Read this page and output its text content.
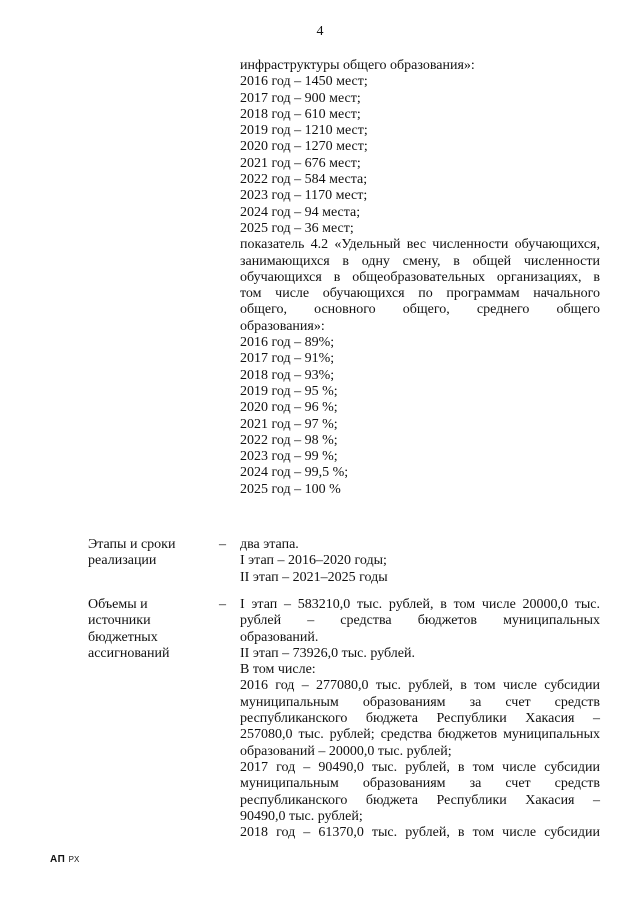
4
инфраструктуры общего образования»:
2016 год – 1450 мест;
2017 год – 900 мест;
2018 год – 610 мест;
2019 год – 1210 мест;
2020 год – 1270 мест;
2021 год – 676 мест;
2022 год – 584 места;
2023 год – 1170 мест;
2024 год – 94 места;
2025 год – 36 мест;
показатель 4.2 «Удельный вес численности обучающихся,
занимающихся в одну смену, в общей численности
обучающихся в общеобразовательных организациях, в
том числе обучающихся по программам начального
общего, основного общего, среднего общего
образования»:
2016 год – 89%;
2017 год – 91%;
2018 год – 93%;
2019 год – 95 %;
2020 год – 96 %;
2021 год – 97 %;
2022 год – 98 %;
2023 год – 99 %;
2024 год – 99,5 %;
2025 год – 100 %
Этапы и сроки
реализации
– два этапа.
I этап – 2016–2020 годы;
II этап – 2021–2025 годы
Объемы и
источники
бюджетных
ассигнований
– I этап – 583210,0 тыс. рублей, в том числе 20000,0 тыс.
рублей – средства бюджетов муниципальных
образований.
II этап – 73926,0 тыс. рублей.
В том числе:
2016 год – 277080,0 тыс. рублей, в том числе субсидии
муниципальным образованиям за счет средств
республиканского бюджета Республики Хакасия –
257080,0 тыс. рублей; средства бюджетов муниципальных
образований – 20000,0 тыс. рублей;
2017 год – 90490,0 тыс. рублей, в том числе субсидии
муниципальным образованиям за счет средств
республиканского бюджета Республики Хакасия –
90490,0 тыс. рублей;
2018 год – 61370,0 тыс. рублей, в том числе субсидии
АП РХ
